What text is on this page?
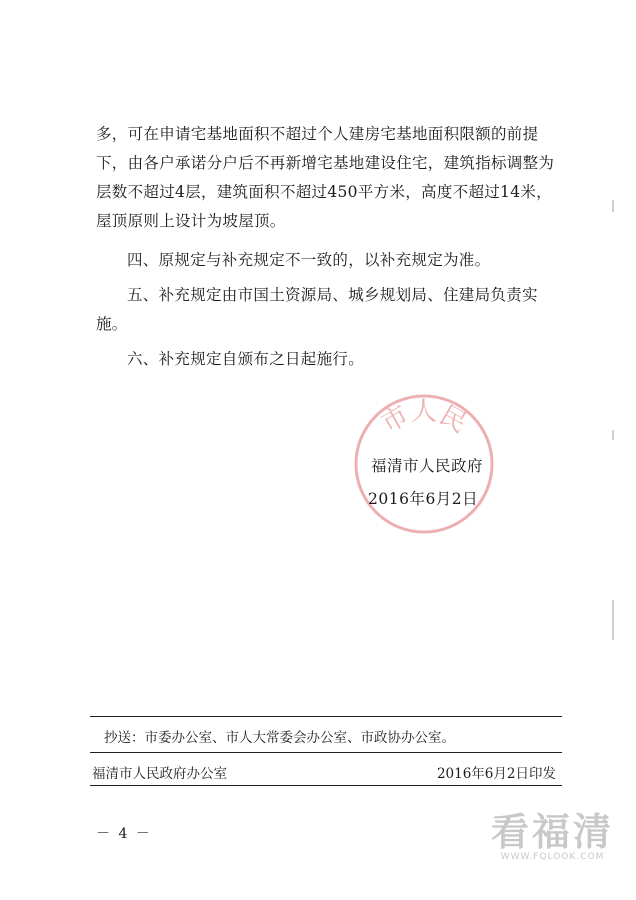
多，可在申请宅基地面积不超过个人建房宅基地面积限额的前提下，由各户承诺分户后不再新增宅基地建设住宅，建筑指标调整为层数不超过4层，建筑面积不超过450平方米，高度不超过14米，屋顶原则上设计为坡屋顶。

四、原规定与补充规定不一致的，以补充规定为准。

五、补充规定由市国土资源局、城乡规划局、住建局负责实施。

六、补充规定自颁布之日起施行。

市人民
福清市人民政府
2016年6月2日
抄送：市委办公室、市人大常委会办公室、市政协办公室。
福清市人民政府办公室	2016年6月2日印发
－ 4 －	看福清
WWW.FQLOOK.COM
